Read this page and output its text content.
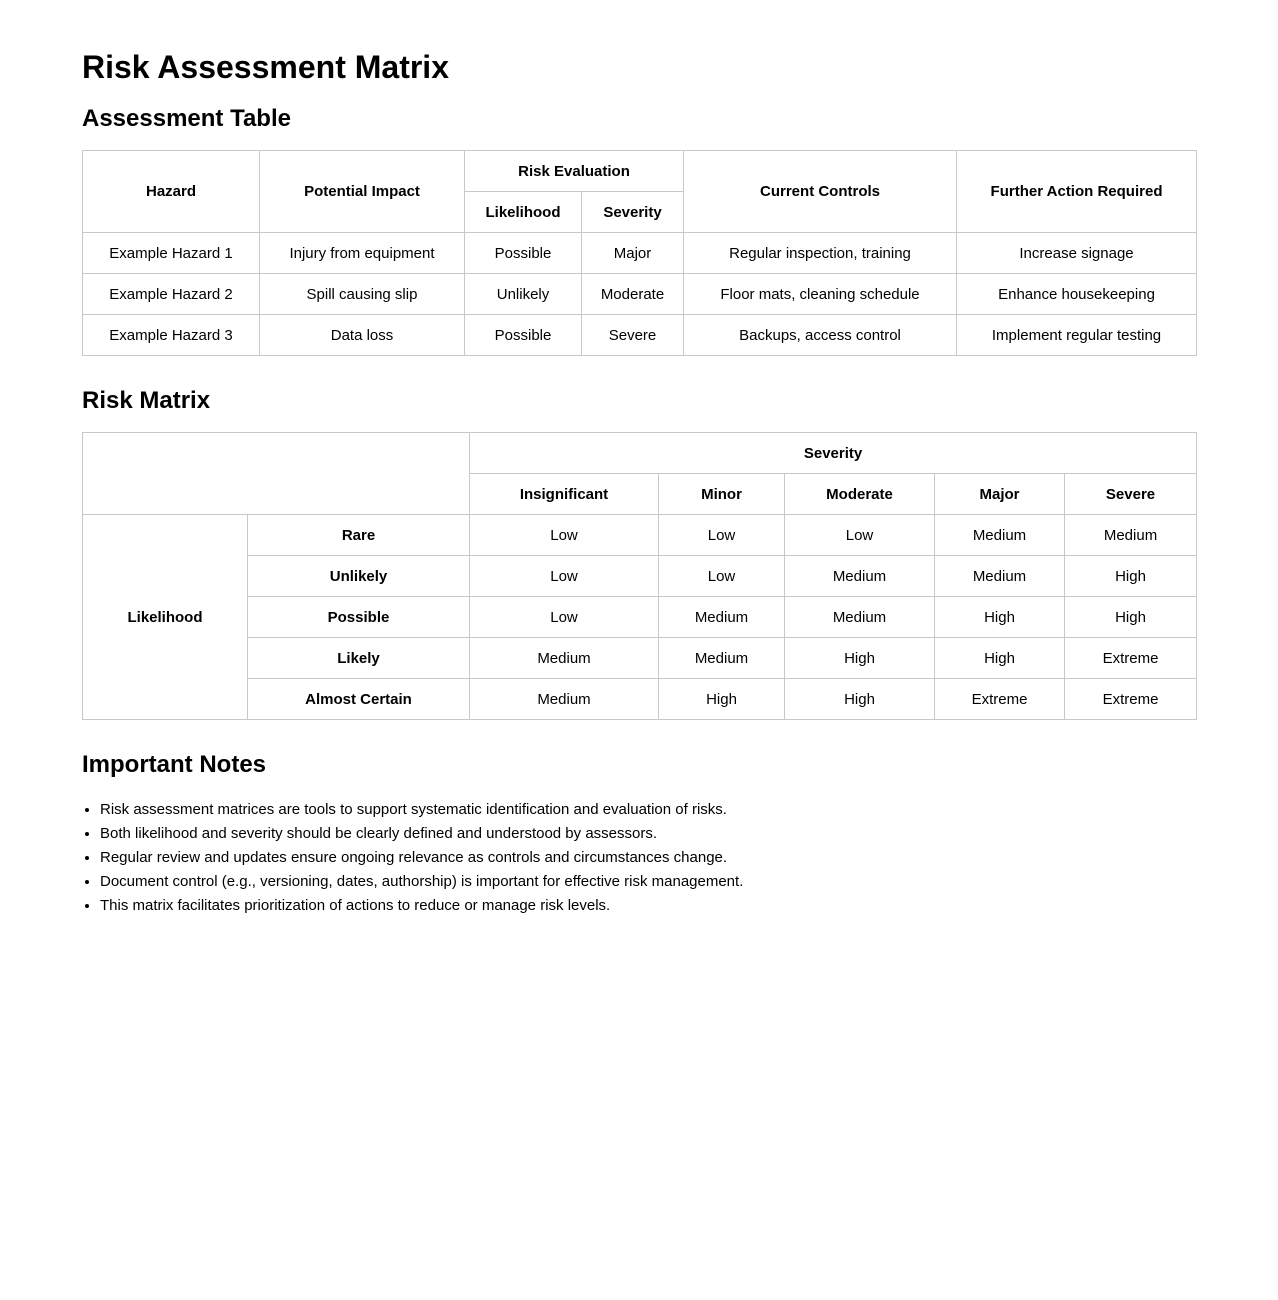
Risk Assessment Matrix
Assessment Table
Hazard	Potential Impact	Risk Evaluation		Current Controls	Further Action Required
		Likelihood	Severity		
Example Hazard 1	Injury from equipment	Possible	Major	Regular inspection, training	Increase signage
Example Hazard 2	Spill causing slip	Unlikely	Moderate	Floor mats, cleaning schedule	Enhance housekeeping
Example Hazard 3	Data loss	Possible	Severe	Backups, access control	Implement regular testing
Risk Matrix
		Severity				
		Insignificant	Minor	Moderate	Major	Severe
Likelihood	Rare	Low	Low	Low	Medium	Medium
	Unlikely	Low	Low	Medium	Medium	High
	Possible	Low	Medium	Medium	High	High
	Likely	Medium	Medium	High	High	Extreme
	Almost Certain	Medium	High	High	Extreme	Extreme
Important Notes
• Risk assessment matrices are tools to support systematic identification and evaluation of risks.
• Both likelihood and severity should be clearly defined and understood by assessors.
• Regular review and updates ensure ongoing relevance as controls and circumstances change.
• Document control (e.g., versioning, dates, authorship) is important for effective risk management.
• This matrix facilitates prioritization of actions to reduce or manage risk levels.
